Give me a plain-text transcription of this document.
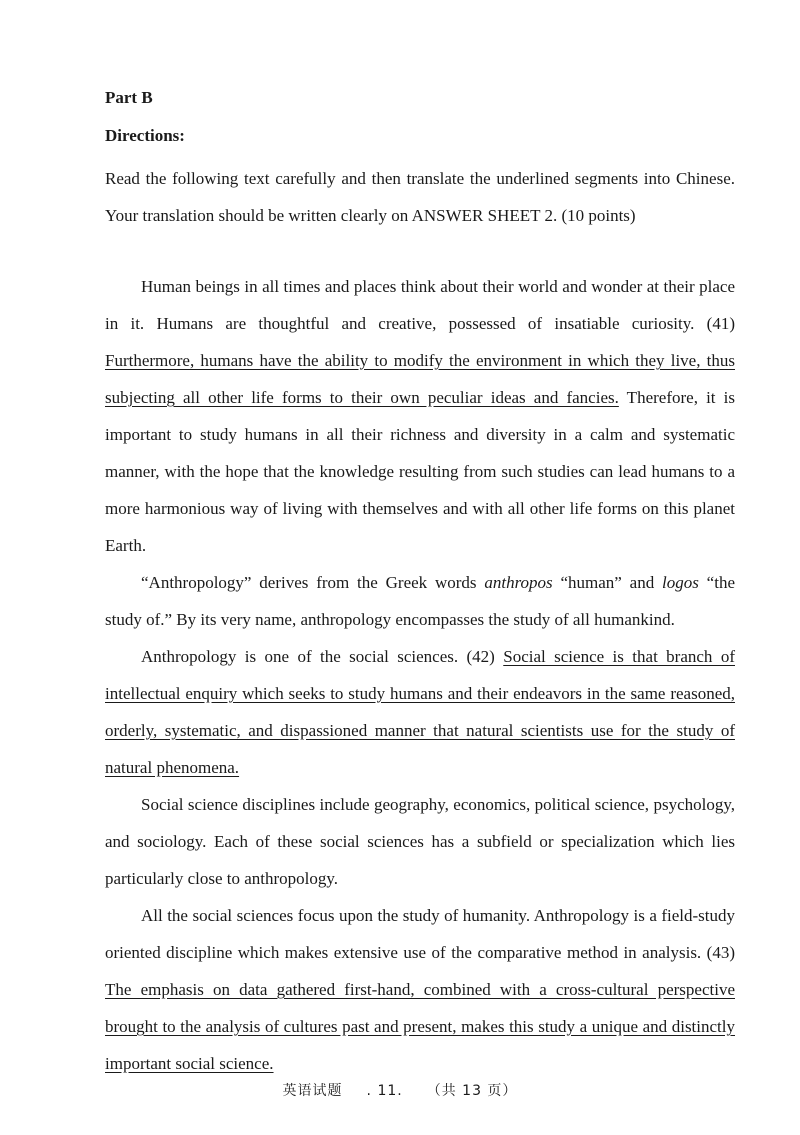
Part B
Directions:

Read the following text carefully and then translate the underlined segments into Chinese. Your translation should be written clearly on ANSWER SHEET 2. (10 points)

Human beings in all times and places think about their world and wonder at their place in it. Humans are thoughtful and creative, possessed of insatiable curiosity. (41) Furthermore, humans have the ability to modify the environment in which they live, thus subjecting all other life forms to their own peculiar ideas and fancies. Therefore, it is important to study humans in all their richness and diversity in a calm and systematic manner, with the hope that the knowledge resulting from such studies can lead humans to a more harmonious way of living with themselves and with all other life forms on this planet Earth.

“Anthropology” derives from the Greek words anthropos “human” and logos “the study of.” By its very name, anthropology encompasses the study of all humankind.

Anthropology is one of the social sciences. (42) Social science is that branch of intellectual enquiry which seeks to study humans and their endeavors in the same reasoned, orderly, systematic, and dispassioned manner that natural scientists use for the study of natural phenomena.

Social science disciplines include geography, economics, political science, psychology, and sociology. Each of these social sciences has a subfield or specialization which lies particularly close to anthropology.

All the social sciences focus upon the study of humanity. Anthropology is a field-study oriented discipline which makes extensive use of the comparative method in analysis. (43) The emphasis on data gathered first-hand, combined with a cross-cultural perspective brought to the analysis of cultures past and present, makes this study a unique and distinctly important social science.

英语试题 . 11. （共 13 页）
